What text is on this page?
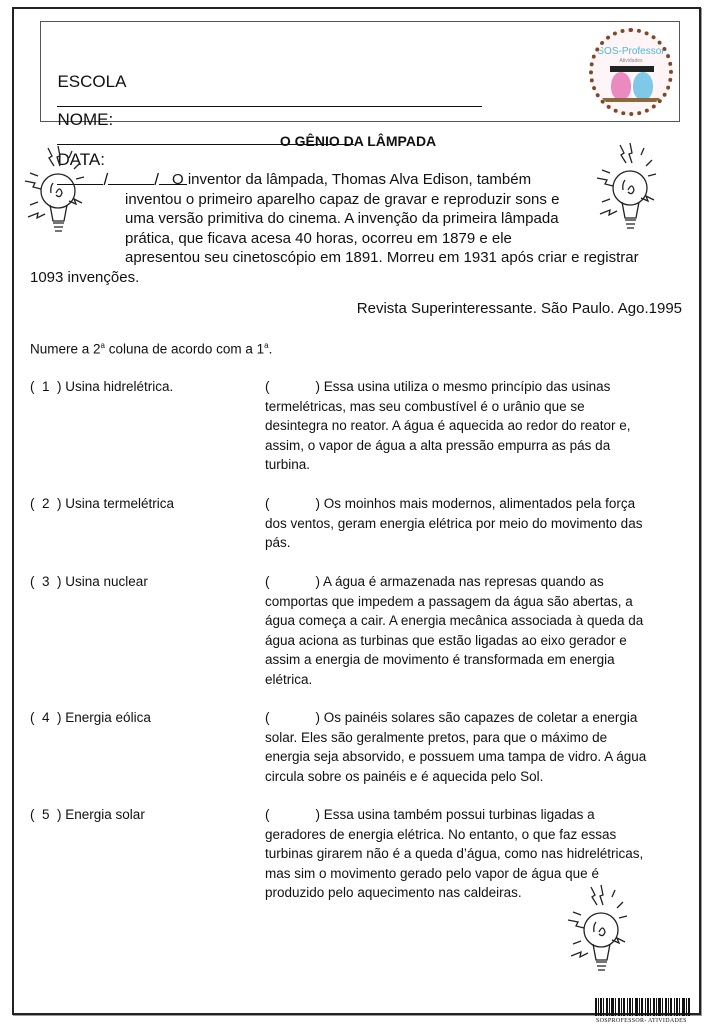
ESCOLA

NOME:

DATA:
/	/

SOS-Professor
Atividades
O GÊNIO DA LÂMPADA
O inventor da lâmpada, Thomas Alva Edison, também
inventou o primeiro aparelho capaz de gravar e reproduzir sons e
uma versão primitiva do cinema. A invenção da primeira lâmpada
prática, que ficava acesa 40 horas, ocorreu em 1879 e ele
apresentou seu cinetoscópio em 1891. Morreu em 1931 após criar e registrar
1093 invenções.
Revista Superinteressante. São Paulo. Ago.1995
Numere a 2$^a$ coluna de acordo com a 1$^a$.
(  1  ) Usina hidrelétrica.	(	) Essa usina utiliza o mesmo princípio das usinas
termelétricas, mas seu combustível é o urânio que se
desintegra no reator. A água é aquecida ao redor do reator e,
assim, o vapor de água a alta pressão empurra as pás da
turbina.
(  2  ) Usina termelétrica	(	) Os moinhos mais modernos, alimentados pela força
dos ventos, geram energia elétrica por meio do movimento das
pás.
(  3  ) Usina nuclear	(	) A água é armazenada nas represas quando as
comportas que impedem a passagem da água são abertas, a
água começa a cair. A energia mecânica associada à queda da
água aciona as turbinas que estão ligadas ao eixo gerador e
assim a energia de movimento é transformada em energia
elétrica.
(  4  ) Energia eólica	(	) Os painéis solares são capazes de coletar a energia
solar. Eles são geralmente pretos, para que o máximo de
energia seja absorvido, e possuem uma tampa de vidro. A água
circula sobre os painéis e é aquecida pelo Sol.
(  5  ) Energia solar	(	) Essa usina também possui turbinas ligadas a
geradores de energia elétrica. No entanto, o que faz essas
turbinas girarem não é a queda d’água, como nas hidrelétricas,
mas sim o movimento gerado pelo vapor de água que é
produzido pelo aquecimento nas caldeiras.
SOSPROFESSOR- ATIVIDADES
